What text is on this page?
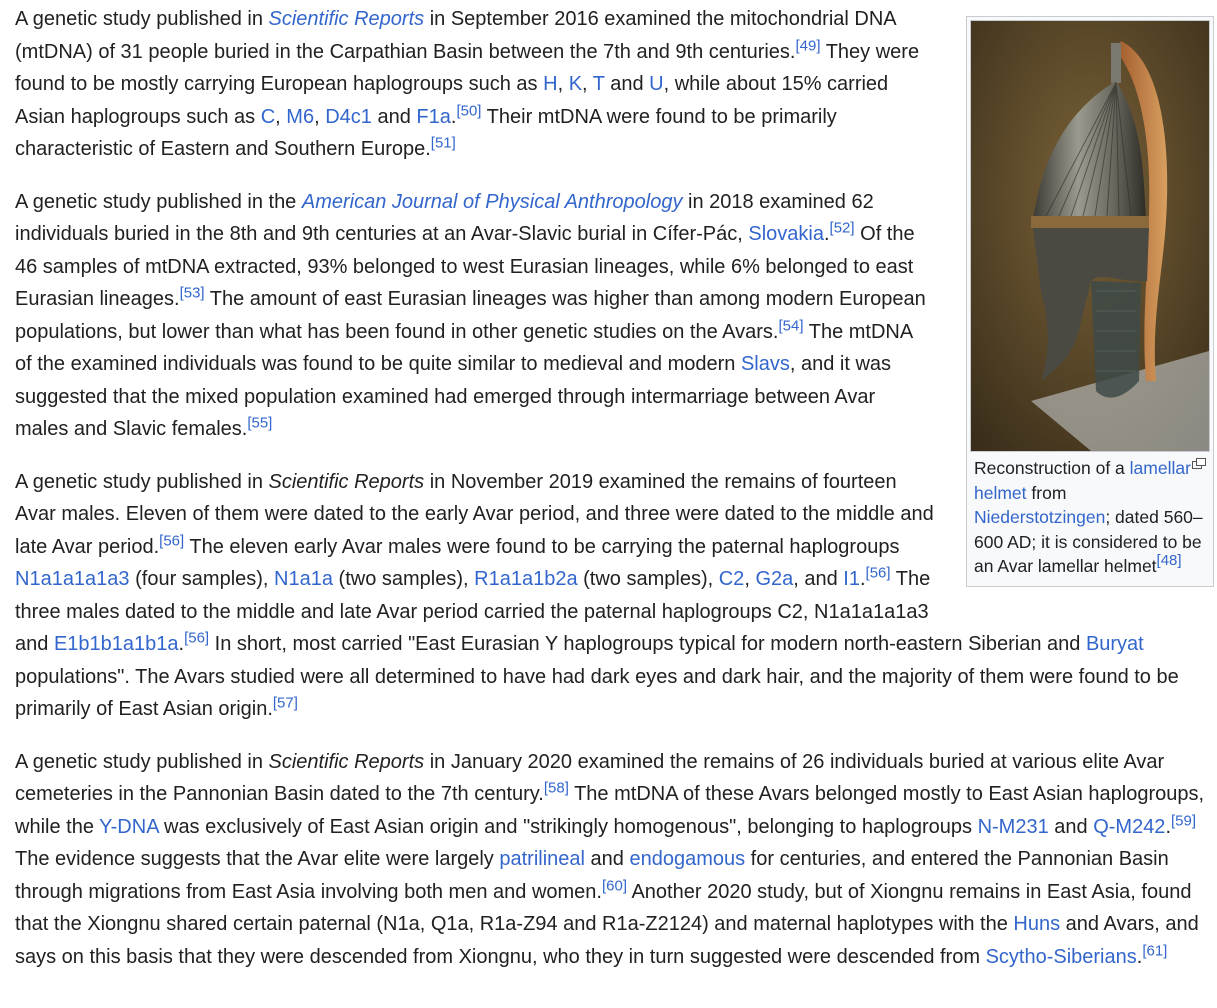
Reconstruction of a lamellar helmet from Niederstotzingen; dated 560–600 AD; it is considered to be an Avar lamellar helmet[48]

A genetic study published in Scientific Reports in September 2016 examined the mitochondrial DNA (mtDNA) of 31 people buried in the Carpathian Basin between the 7th and 9th centuries.[49] They were found to be mostly carrying European haplogroups such as H, K, T and U, while about 15% carried Asian haplogroups such as C, M6, D4c1 and F1a.[50] Their mtDNA were found to be primarily characteristic of Eastern and Southern Europe.[51]

A genetic study published in the American Journal of Physical Anthropology in 2018 examined 62 individuals buried in the 8th and 9th centuries at an Avar-Slavic burial in Cífer-Pác, Slovakia.[52] Of the 46 samples of mtDNA extracted, 93% belonged to west Eurasian lineages, while 6% belonged to east Eurasian lineages.[53] The amount of east Eurasian lineages was higher than among modern European populations, but lower than what has been found in other genetic studies on the Avars.[54] The mtDNA of the examined individuals was found to be quite similar to medieval and modern Slavs, and it was suggested that the mixed population examined had emerged through intermarriage between Avar males and Slavic females.[55]

A genetic study published in Scientific Reports in November 2019 examined the remains of fourteen Avar males. Eleven of them were dated to the early Avar period, and three were dated to the middle and late Avar period.[56] The eleven early Avar males were found to be carrying the paternal haplogroups N1a1a1a1a3 (four samples), N1a1a (two samples), R1a1a1b2a (two samples), C2, G2a, and I1.[56] The three males dated to the middle and late Avar period carried the paternal haplogroups C2, N1a1a1a1a3 and E1b1b1a1b1a.[56] In short, most carried "East Eurasian Y haplogroups typical for modern north-eastern Siberian and Buryat populations". The Avars studied were all determined to have had dark eyes and dark hair, and the majority of them were found to be primarily of East Asian origin.[57]

A genetic study published in Scientific Reports in January 2020 examined the remains of 26 individuals buried at various elite Avar cemeteries in the Pannonian Basin dated to the 7th century.[58] The mtDNA of these Avars belonged mostly to East Asian haplogroups, while the Y-DNA was exclusively of East Asian origin and "strikingly homogenous", belonging to haplogroups N-M231 and Q-M242.[59] The evidence suggests that the Avar elite were largely patrilineal and endogamous for centuries, and entered the Pannonian Basin through migrations from East Asia involving both men and women.[60] Another 2020 study, but of Xiongnu remains in East Asia, found that the Xiongnu shared certain paternal (N1a, Q1a, R1a-Z94 and R1a-Z2124) and maternal haplotypes with the Huns and Avars, and says on this basis that they were descended from Xiongnu, who they in turn suggested were descended from Scytho-Siberians.[61]
